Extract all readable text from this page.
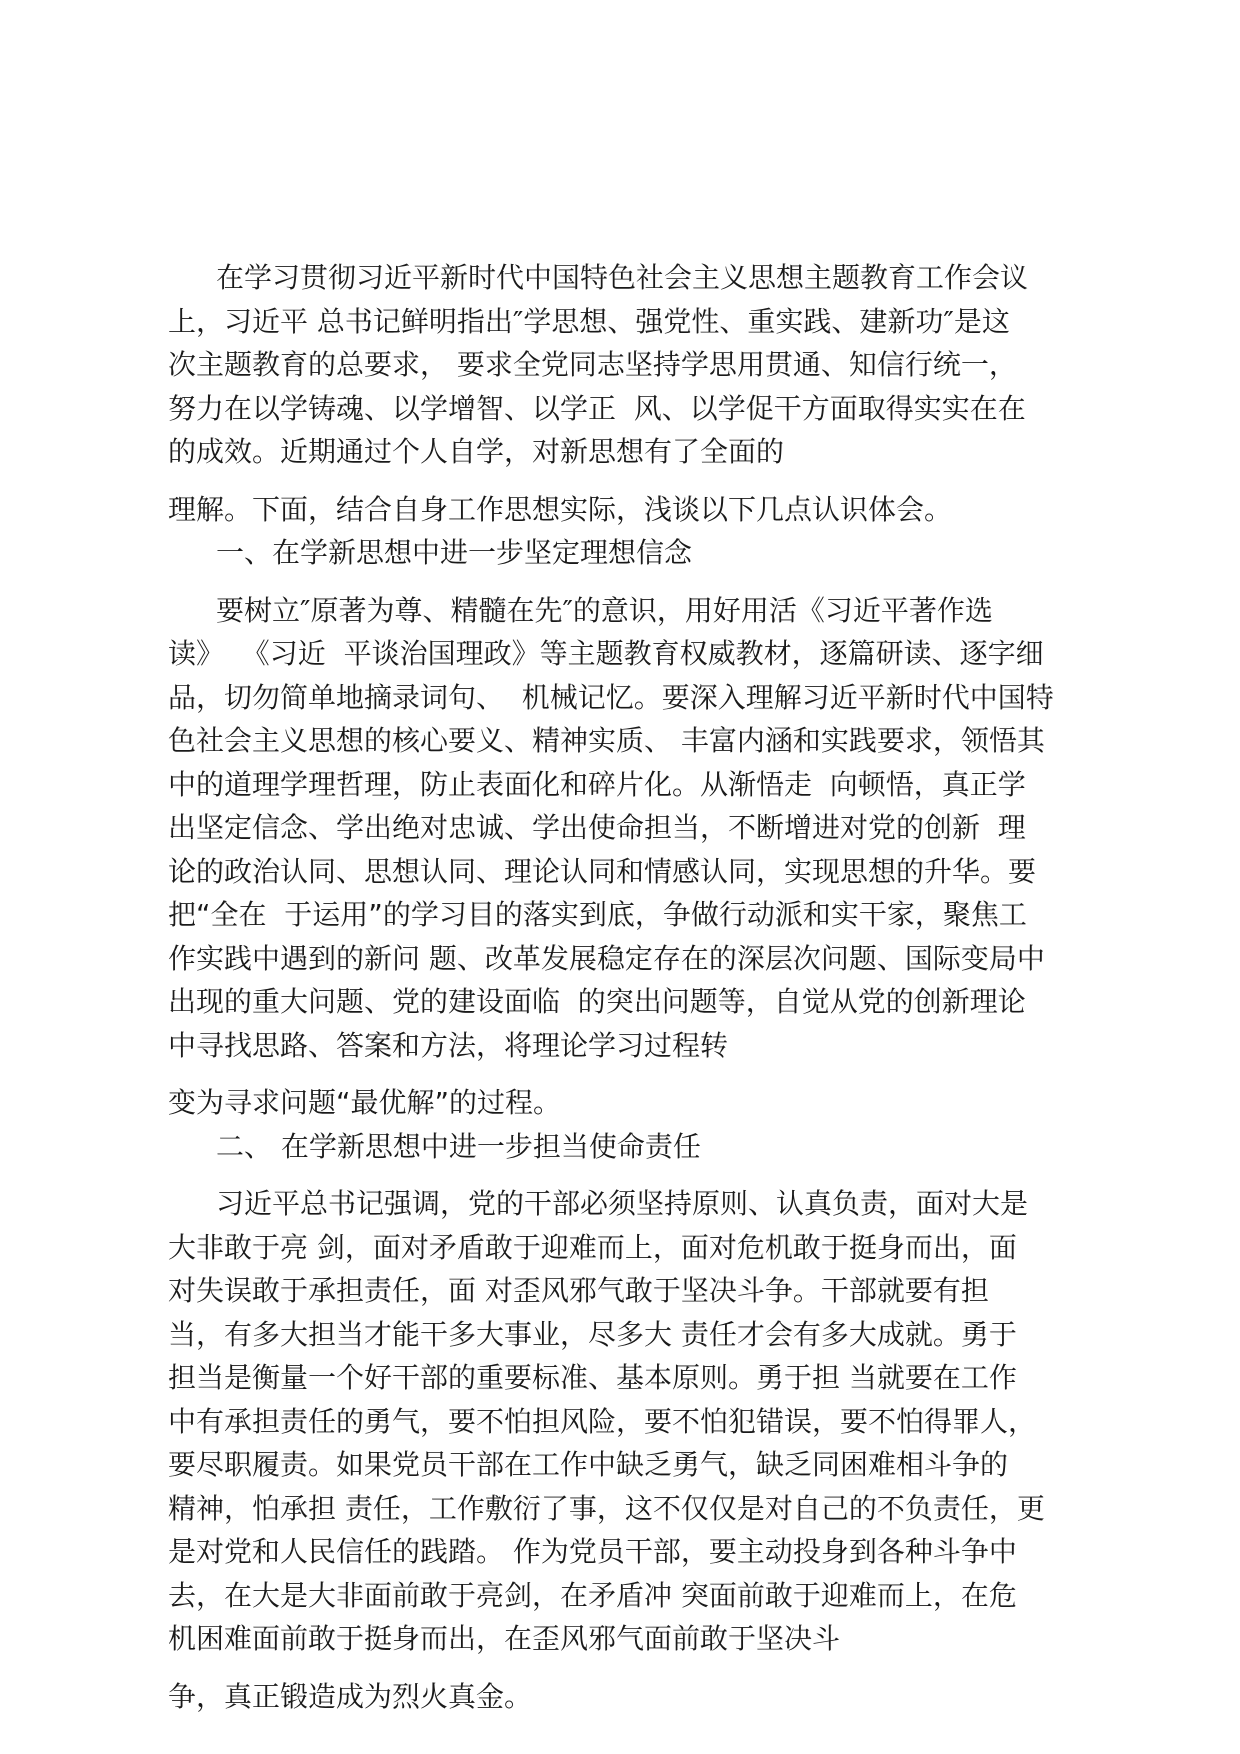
在学习贯彻习近平新时代中国特色社会主义思想主题教育工作会议
上，习近平 总书记鲜明指出″学思想、强党性、重实践、建新功″是这
次主题教育的总要求， 要求全党同志坚持学思用贯通、知信行统一，
努力在以学铸魂、以学增智、以学正  风、以学促干方面取得实实在在
的成效。近期通过个人自学，对新思想有了全面的
理解。下面，结合自身工作思想实际，浅谈以下几点认识体会。
一、在学新思想中进一步坚定理想信念
要树立″原著为尊、精髓在先″的意识，用好用活《习近平著作选
读》  《习近  平谈治国理政》等主题教育权威教材，逐篇研读、逐字细
品，切勿简单地摘录词句、  机械记忆。要深入理解习近平新时代中国特
色社会主义思想的核心要义、精神实质、 丰富内涵和实践要求，领悟其
中的道理学理哲理，防止表面化和碎片化。从渐悟走  向顿悟，真正学
出坚定信念、学出绝对忠诚、学出使命担当，不断增进对党的创新  理
论的政治认同、思想认同、理论认同和情感认同，实现思想的升华。要
把“全在  于运用”的学习目的落实到底，争做行动派和实干家，聚焦工
作实践中遇到的新问 题、改革发展稳定存在的深层次问题、国际变局中
出现的重大问题、党的建设面临  的突出问题等，自觉从党的创新理论
中寻找思路、答案和方法，将理论学习过程转
变为寻求问题“最优解”的过程。
二、 在学新思想中进一步担当使命责任
习近平总书记强调，党的干部必须坚持原则、认真负责，面对大是
大非敢于亮 剑，面对矛盾敢于迎难而上，面对危机敢于挺身而出，面
对失误敢于承担责任，面 对歪风邪气敢于坚决斗争。干部就要有担
当，有多大担当才能干多大事业，尽多大 责任才会有多大成就。勇于
担当是衡量一个好干部的重要标准、基本原则。勇于担 当就要在工作
中有承担责任的勇气，要不怕担风险，要不怕犯错误，要不怕得罪人，
要尽职履责。如果党员干部在工作中缺乏勇气，缺乏同困难相斗争的
精神，怕承担 责任，工作敷衍了事，这不仅仅是对自己的不负责任，更
是对党和人民信任的践踏。 作为党员干部，要主动投身到各种斗争中
去，在大是大非面前敢于亮剑，在矛盾冲 突面前敢于迎难而上，在危
机困难面前敢于挺身而出，在歪风邪气面前敢于坚决斗
争，真正锻造成为烈火真金。
